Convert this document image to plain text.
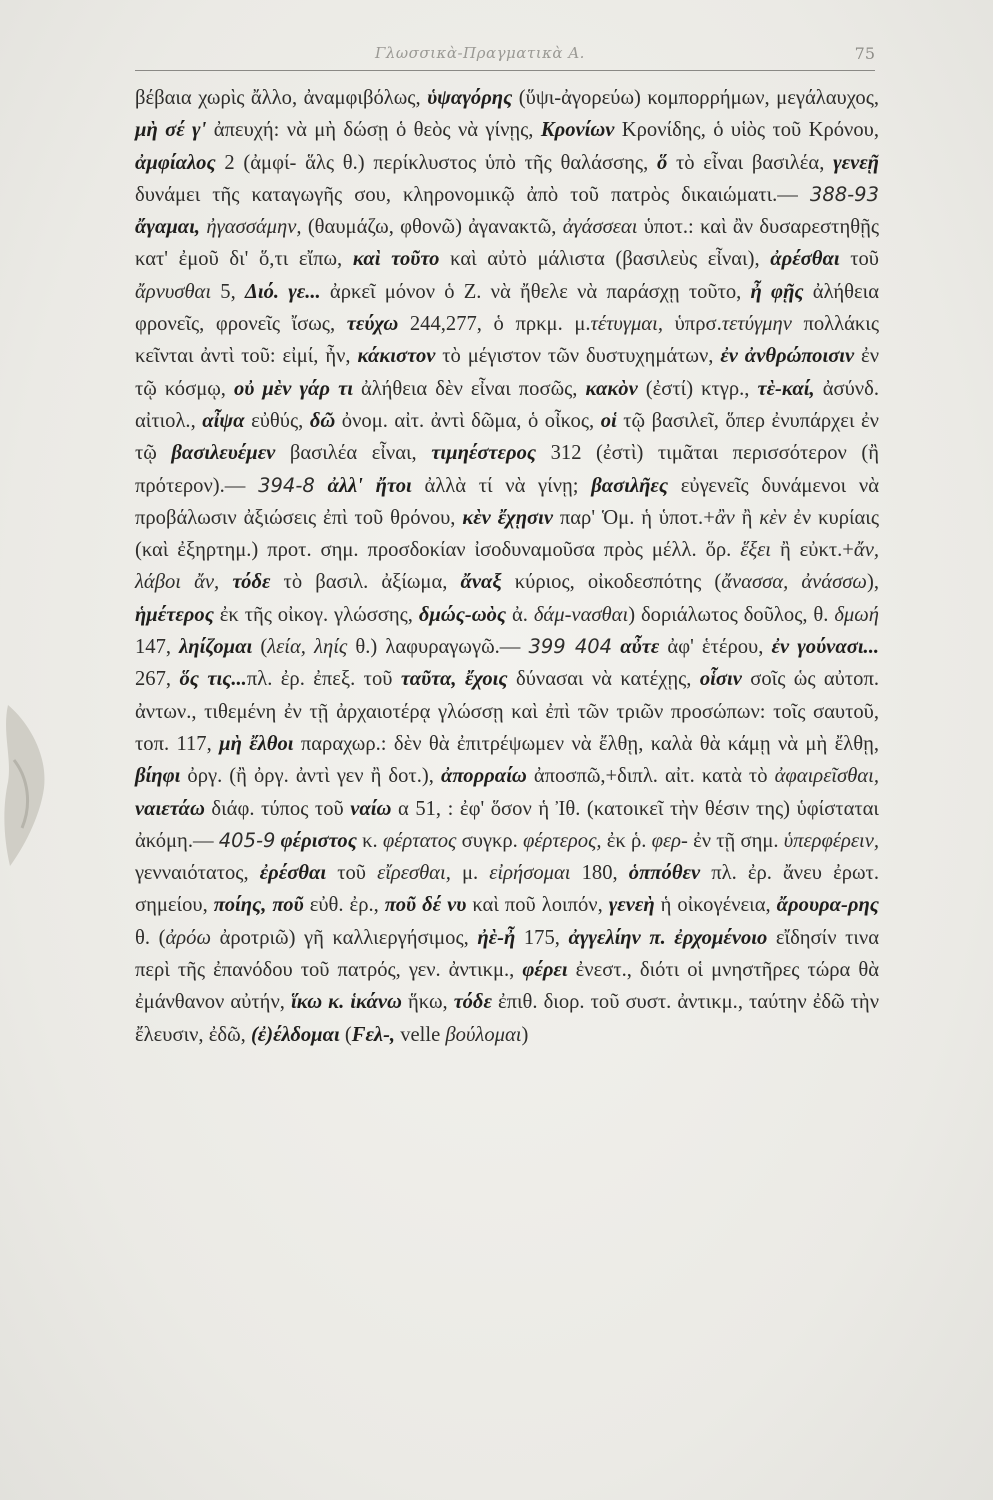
Γλωσσικὰ-Πραγματικὰ Α.	75

βέβαια χωρὶς ἄλλο, ἀναμφιβόλως, ὑψαγόρης (ὕψι-ἀγορεύω) κομπορρήμων, μεγάλαυχος, μὴ σέ γ' ἀπευχή: νὰ μὴ δώσῃ ὁ θεὸς νὰ γίνῃς, Κρονίων Κρονίδης, ὁ υἱὸς τοῦ Κρόνου, ἀμφίαλος 2 (ἀμφί- ἅλς θ.) περίκλυστος ὑπὸ τῆς θαλάσσης, ὅ τὸ εἶναι βασιλέα, γενεῇ δυνάμει τῆς καταγωγῆς σου, κληρονομικῷ ἀπὸ τοῦ πατρὸς δικαιώματι.— 388-93 ἄγαμαι, ἠγασσάμην, (θαυμάζω, φθονῶ) ἀγανακτῶ, ἀγάσσεαι ὑποτ.: καὶ ἂν δυσαρεστηθῇς κατ' ἐμοῦ δι' ὅ,τι εἴπω, καὶ τοῦτο καὶ αὐτὸ μάλιστα (βασιλεὺς εἶναι), ἀρέσθαι τοῦ ἄρνυσθαι 5, Διό. γε... ἀρκεῖ μόνον ὁ Ζ. νὰ ἤθελε νὰ παράσχῃ τοῦτο, ἦ φῇς ἀλήθεια φρονεῖς, φρονεῖς ἴσως, τεύχω 244,277, ὁ πρκμ. μ.τέτυγμαι, ὑπρσ.τετύγμην πολλάκις κεῖνται ἀντὶ τοῦ: εἰμί, ἦν, κάκιστον τὸ μέγιστον τῶν δυστυχημάτων, ἐν ἀνθρώποισιν ἐν τῷ κόσμῳ, οὐ μὲν γάρ τι ἀλήθεια δὲν εἶναι ποσῶς, κακὸν (ἐστί) κτγρ., τὲ-καί, ἀσύνδ. αἰτιολ., αἶψα εὐθύς, δῶ ὀνομ. αἰτ. ἀντὶ δῶμα, ὁ οἶκος, οἱ τῷ βασιλεῖ, ὅπερ ἐνυπάρχει ἐν τῷ βασιλευέμεν βασιλέα εἶναι, τιμηέστερος 312 (ἐστὶ) τιμᾶται περισσότερον (ἢ πρότερον).— 394-8 ἀλλ' ἤτοι ἀλλὰ τί νὰ γίνῃ; βασιλῆες εὐγενεῖς δυνάμενοι νὰ προβάλωσιν ἀξιώσεις ἐπὶ τοῦ θρόνου, κὲν ἔχῃσιν παρ' Ὁμ. ἡ ὑποτ.+ἂν ἢ κὲν ἐν κυρίαις (καὶ ἐξηρτημ.) προτ. σημ. προσδοκίαν ἰσοδυναμοῦσα πρὸς μέλλ. ὅρ. ἕξει ἢ εὐκτ.+ἄν, λάβοι ἄν, τόδε τὸ βασιλ. ἀξίωμα, ἄναξ κύριος, οἰκοδεσπότης (ἄνασσα, ἀνάσσω), ἡμέτερος ἐκ τῆς οἰκογ. γλώσσης, δμώς-ωὸς ἀ. δάμ-νασθαι) δοριάλωτος δοῦλος, θ. δμωή 147, ληίζομαι (λεία, ληίς θ.) λαφυραγωγῶ.— 399 404 αὖτε ἀφ' ἑτέρου, ἐν γούνασι... 267, ὅς τις...πλ. ἐρ. ἐπεξ. τοῦ ταῦτα, ἔχοις δύνασαι νὰ κατέχῃς, οἷσιν σοῖς ὡς αὐτοπ. ἀντων., τιθεμένη ἐν τῇ ἀρχαιοτέρᾳ γλώσσῃ καὶ ἐπὶ τῶν τριῶν προσώπων: τοῖς σαυτοῦ, τοπ. 117, μὴ ἔλθοι παραχωρ.: δὲν θὰ ἐπιτρέψωμεν νὰ ἔλθῃ, καλὰ θὰ κάμῃ νὰ μὴ ἔλθῃ, βίηφι ὀργ. (ἢ ὀργ. ἀντὶ γεν ἢ δοτ.), ἀπορραίω ἀποσπῶ,+διπλ. αἰτ. κατὰ τὸ ἀφαιρεῖσθαι, ναιετάω διάφ. τύπος τοῦ ναίω α 51, : ἐφ' ὅσον ἡ Ἰθ. (κατοικεῖ τὴν θέσιν της) ὑφίσταται ἀκόμη.— 405-9 φέριστος κ. φέρτατος συγκρ. φέρτερος, ἐκ ῥ. φερ- ἐν τῇ σημ. ὑπερφέρειν, γενναιότατος, ἐρέσθαι τοῦ εἴρεσθαι, μ. εἰρήσομαι 180, ὁππόθεν πλ. ἐρ. ἄνευ ἐρωτ. σημείου, ποίης, ποῦ εὐθ. ἐρ., ποῦ δέ νυ καὶ ποῦ λοιπόν, γενεὴ ἡ οἰκογένεια, ἄρουρα-ρης θ. (ἀρόω ἀροτριῶ) γῆ καλλιεργήσιμος, ἠὲ-ἦ 175, ἀγγελίην π. ἐρχομένοιο εἴδησίν τινα περὶ τῆς ἐπανόδου τοῦ πατρός, γεν. ἀντικμ., φέρει ἐνεστ., διότι οἱ μνηστῆρες τώρα θὰ ἐμάνθανον αὐτήν, ἵκω κ. ἱκάνω ἥκω, τόδε ἐπιθ. διορ. τοῦ συστ. ἀντικμ., ταύτην ἐδῶ τὴν ἔλευσιν, ἐδῶ, (ἐ)έλδομαι (Ϝελ-, velle βούλομαι)
